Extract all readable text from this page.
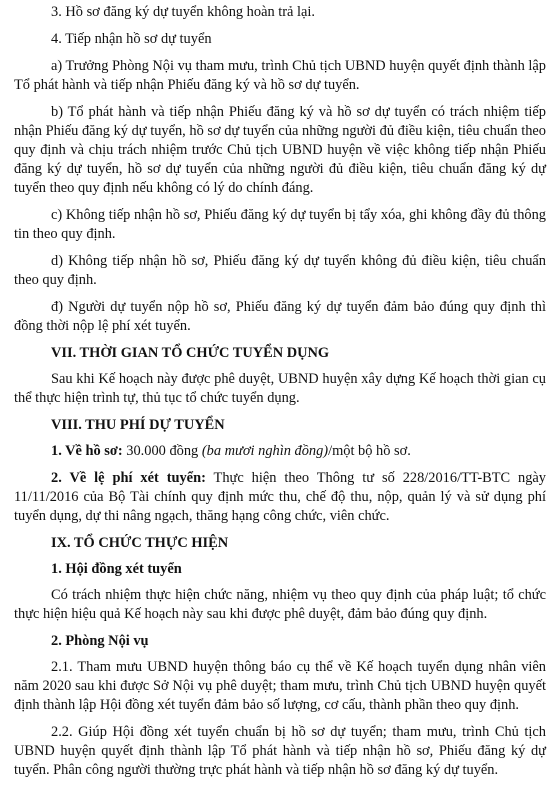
3. Hồ sơ đăng ký dự tuyển không hoàn trả lại.

4. Tiếp nhận hồ sơ dự tuyển

a) Trưởng Phòng Nội vụ tham mưu, trình Chủ tịch UBND huyện quyết định thành lập Tổ phát hành và tiếp nhận Phiếu đăng ký và hồ sơ dự tuyển.

b) Tổ phát hành và tiếp nhận Phiếu đăng ký và hồ sơ dự tuyển có trách nhiệm tiếp nhận Phiếu đăng ký dự tuyển, hồ sơ dự tuyển của những người đủ điều kiện, tiêu chuẩn theo quy định và chịu trách nhiệm trước Chủ tịch UBND huyện về việc không tiếp nhận Phiếu đăng ký dự tuyển, hồ sơ dự tuyển của những người đủ điều kiện, tiêu chuẩn đăng ký dự tuyển theo quy định nếu không có lý do chính đáng.

c) Không tiếp nhận hồ sơ, Phiếu đăng ký dự tuyển bị tẩy xóa, ghi không đầy đủ thông tin theo quy định.

d) Không tiếp nhận hồ sơ, Phiếu đăng ký dự tuyển không đủ điều kiện, tiêu chuẩn theo quy định.

đ) Người dự tuyển nộp hồ sơ, Phiếu đăng ký dự tuyển đảm bảo đúng quy định thì đồng thời nộp lệ phí xét tuyển.

VII. THỜI GIAN TỔ CHỨC TUYỂN DỤNG

Sau khi Kế hoạch này được phê duyệt, UBND huyện xây dựng Kế hoạch thời gian cụ thể thực hiện trình tự, thủ tục tổ chức tuyển dụng.

VIII. THU PHÍ DỰ TUYỂN

1. Về hồ sơ: 30.000 đồng (ba mươi nghìn đồng)/một bộ hồ sơ.

2. Về lệ phí xét tuyển: Thực hiện theo Thông tư số 228/2016/TT-BTC ngày 11/11/2016 của Bộ Tài chính quy định mức thu, chế độ thu, nộp, quản lý và sử dụng phí tuyển dụng, dự thi nâng ngạch, thăng hạng công chức, viên chức.

IX. TỔ CHỨC THỰC HIỆN

1. Hội đồng xét tuyển

Có trách nhiệm thực hiện chức năng, nhiệm vụ theo quy định của pháp luật; tổ chức thực hiện hiệu quả Kế hoạch này sau khi được phê duyệt, đảm bảo đúng quy định.

2. Phòng Nội vụ

2.1. Tham mưu UBND huyện thông báo cụ thể về Kế hoạch tuyển dụng nhân viên năm 2020 sau khi được Sở Nội vụ phê duyệt; tham mưu, trình Chủ tịch UBND huyện quyết định thành lập Hội đồng xét tuyển đảm bảo số lượng, cơ cấu, thành phần theo quy định.

2.2. Giúp Hội đồng xét tuyển chuẩn bị hồ sơ dự tuyển; tham mưu, trình Chủ tịch UBND huyện quyết định thành lập Tổ phát hành và tiếp nhận hồ sơ, Phiếu đăng ký dự tuyển. Phân công người thường trực phát hành và tiếp nhận hồ sơ đăng ký dự tuyển.
